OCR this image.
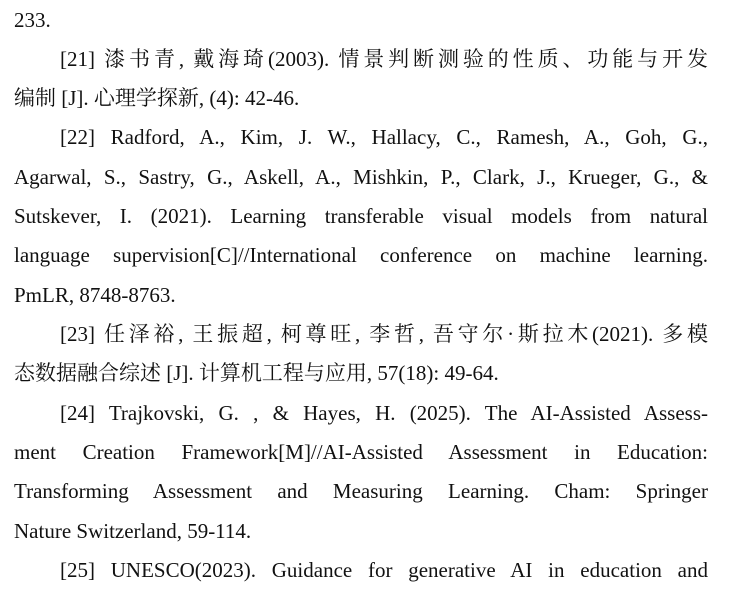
233.
[21] 漆书青, 戴海琦(2003). 情景判断测验的性质、功能与开发
编制 [J]. 心理学探新, (4): 42-46.
[22] Radford, A., Kim, J. W., Hallacy, C., Ramesh, A., Goh, G.,
Agarwal, S., Sastry, G., Askell, A., Mishkin, P., Clark, J., Krueger, G., &
Sutskever, I. (2021). Learning transferable visual models from natural
language supervision[C]//International conference on machine learning.
PmLR, 8748-8763.
[23] 任泽裕, 王振超, 柯尊旺, 李哲, 吾守尔·斯拉木(2021). 多模
态数据融合综述 [J]. 计算机工程与应用, 57(18): 49-64.
[24] Trajkovski, G. , & Hayes, H. (2025). The AI-Assisted Assess-
ment Creation Framework[M]//AI-Assisted Assessment in Education:
Transforming Assessment and Measuring Learning. Cham: Springer
Nature Switzerland, 59-114.
[25] UNESCO(2023). Guidance for generative AI in education and
